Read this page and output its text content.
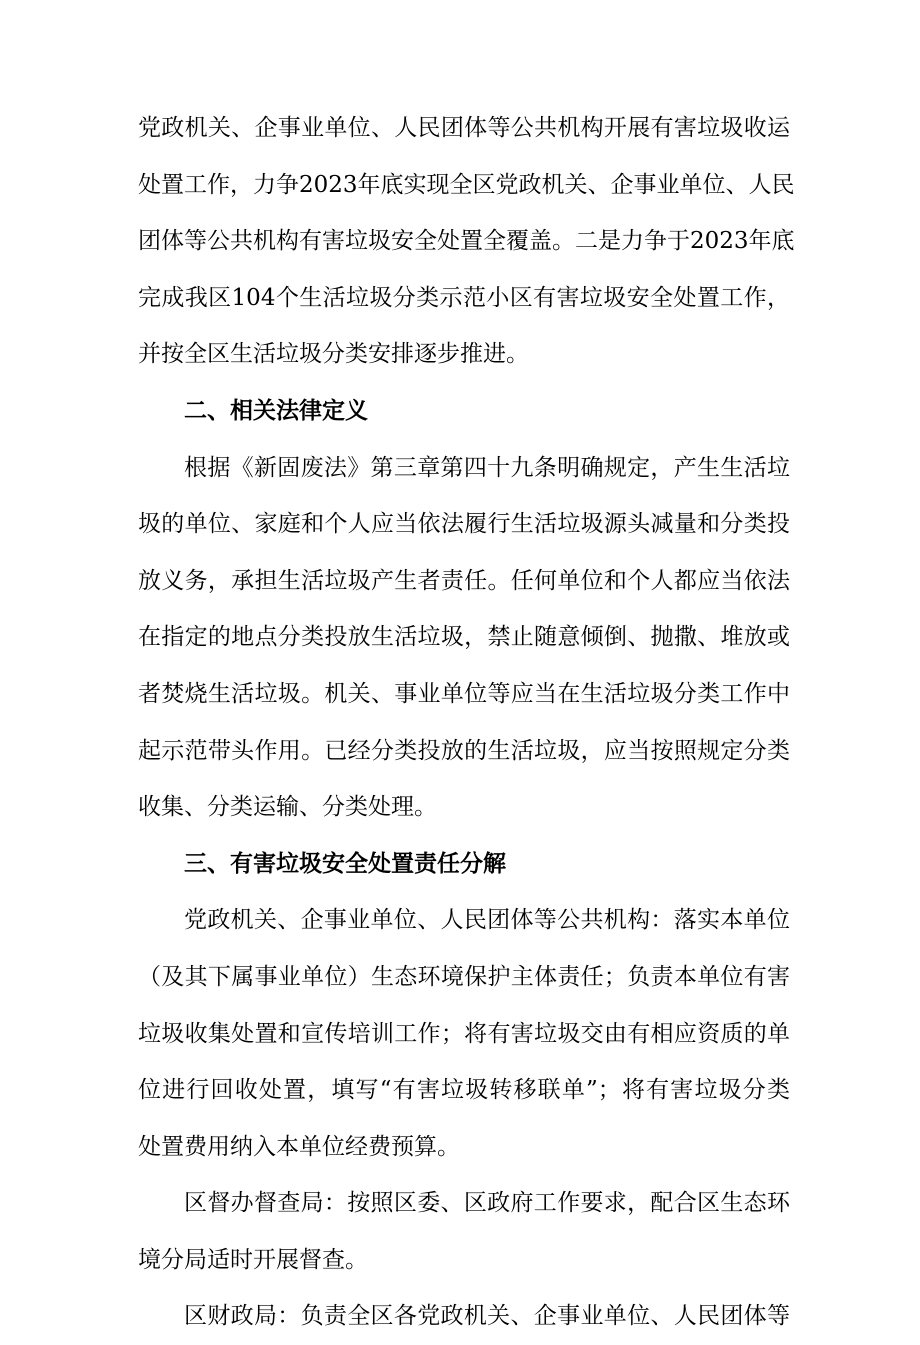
党政机关、企事业单位、人民团体等公共机构开展有害垃圾收运
处置工作，力争2023年底实现全区党政机关、企事业单位、人民
团体等公共机构有害垃圾安全处置全覆盖。二是力争于2023年底
完成我区104个生活垃圾分类示范小区有害垃圾安全处置工作，
并按全区生活垃圾分类安排逐步推进。
二、相关法律定义
根据《新固废法》第三章第四十九条明确规定，产生生活垃
圾的单位、家庭和个人应当依法履行生活垃圾源头减量和分类投
放义务，承担生活垃圾产生者责任。任何单位和个人都应当依法
在指定的地点分类投放生活垃圾，禁止随意倾倒、抛撒、堆放或
者焚烧生活垃圾。机关、事业单位等应当在生活垃圾分类工作中
起示范带头作用。已经分类投放的生活垃圾，应当按照规定分类
收集、分类运输、分类处理。
三、有害垃圾安全处置责任分解
党政机关、企事业单位、人民团体等公共机构：落实本单位
（及其下属事业单位）生态环境保护主体责任；负责本单位有害
垃圾收集处置和宣传培训工作；将有害垃圾交由有相应资质的单
位进行回收处置，填写“有害垃圾转移联单”；将有害垃圾分类
处置费用纳入本单位经费预算。
区督办督查局：按照区委、区政府工作要求，配合区生态环
境分局适时开展督查。
区财政局：负责全区各党政机关、企事业单位、人民团体等
